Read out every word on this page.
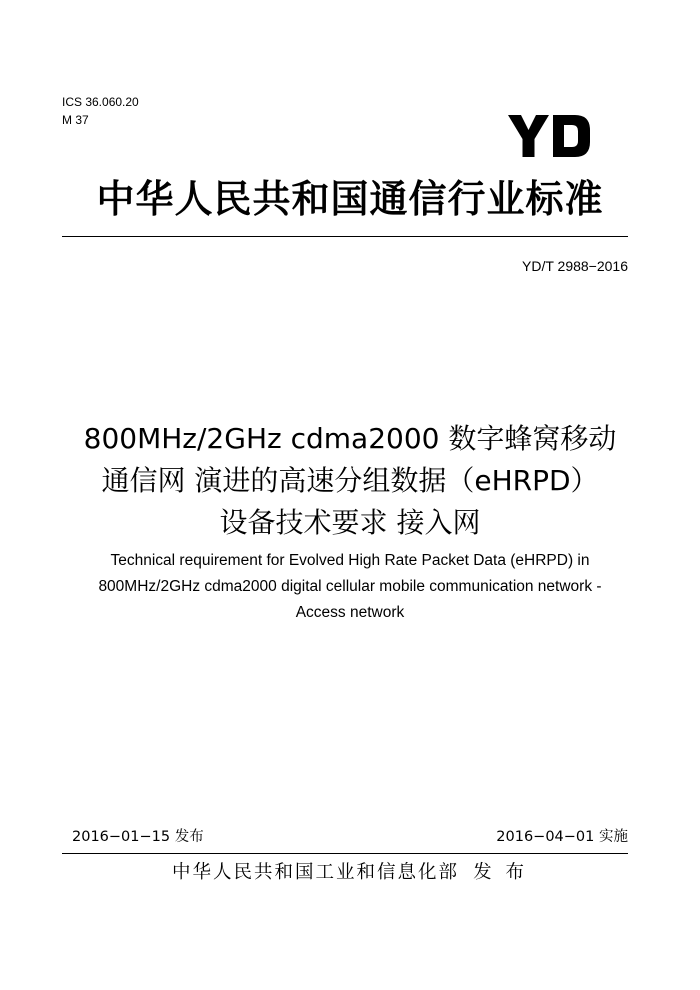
ICS 36.060.20
M 37
中华人民共和国通信行业标准
YD/T 2988−2016
800MHz/2GHz cdma2000 数字蜂窝移动
通信网 演进的高速分组数据（eHRPD）
设备技术要求 接入网
Technical requirement for Evolved High Rate Packet Data (eHRPD) in
800MHz/2GHz cdma2000 digital cellular mobile communication network -
Access network
2016−01−15 发布	2016−04−01 实施
中华人民共和国工业和信息化部 发 布
